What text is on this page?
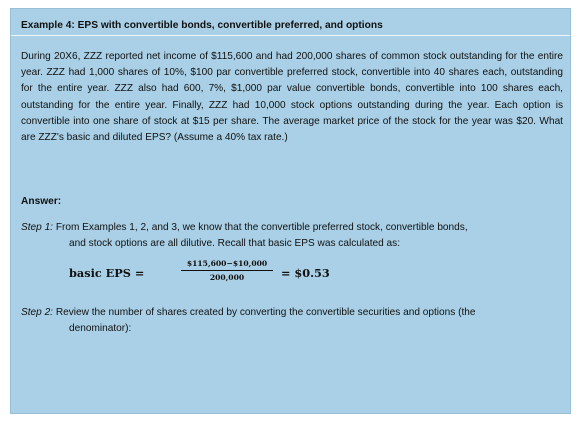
Example 4: EPS with convertible bonds, convertible preferred, and options
During 20X6, ZZZ reported net income of $115,600 and had 200,000 shares of common stock outstanding for the entire year. ZZZ had 1,000 shares of 10%, $100 par convertible preferred stock, convertible into 40 shares each, outstanding for the entire year. ZZZ also had 600, 7%, $1,000 par value convertible bonds, convertible into 100 shares each, outstanding for the entire year. Finally, ZZZ had 10,000 stock options outstanding during the year. Each option is convertible into one share of stock at $15 per share. The average market price of the stock for the year was $20. What are ZZZ's basic and diluted EPS? (Assume a 40% tax rate.)
Answer:
Step 1: From Examples 1, 2, and 3, we know that the convertible preferred stock, convertible bonds,
and stock options are all dilutive. Recall that basic EPS was calculated as:
basic EPS =
$115,600−$10,000
200,000	= $0.53
Step 2: Review the number of shares created by converting the convertible securities and options (the
denominator):
